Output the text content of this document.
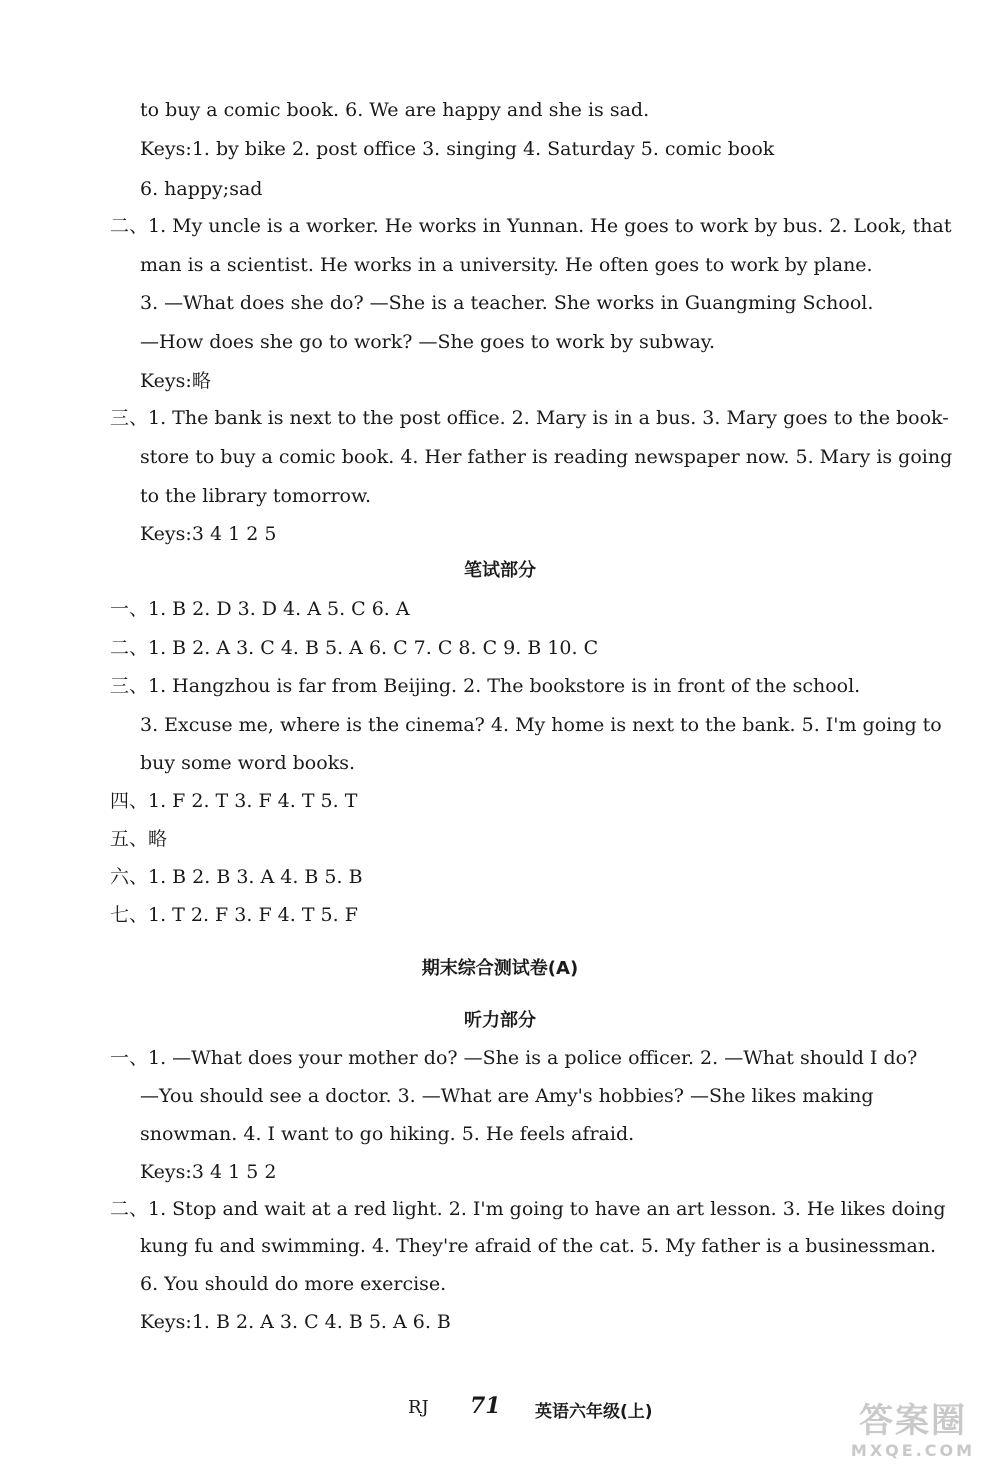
to buy a comic book. 6. We are happy and she is sad.
Keys:1. by bike 2. post office 3. singing 4. Saturday 5. comic book
6. happy;sad
二、1. My uncle is a worker. He works in Yunnan. He goes to work by bus. 2. Look, that
man is a scientist. He works in a university. He often goes to work by plane.
3. —What does she do? —She is a teacher. She works in Guangming School.
—How does she go to work? —She goes to work by subway.
Keys:略
三、1. The bank is next to the post office. 2. Mary is in a bus. 3. Mary goes to the book-
store to buy a comic book. 4. Her father is reading newspaper now. 5. Mary is going
to the library tomorrow.
Keys:3 4 1 2 5
笔试部分
一、1. B 2. D 3. D 4. A 5. C 6. A
二、1. B 2. A 3. C 4. B 5. A 6. C 7. C 8. C 9. B 10. C
三、1. Hangzhou is far from Beijing. 2. The bookstore is in front of the school.
3. Excuse me, where is the cinema? 4. My home is next to the bank. 5. I'm going to
buy some word books.
四、1. F 2. T 3. F 4. T 5. T
五、略
六、1. B 2. B 3. A 4. B 5. B
七、1. T 2. F 3. F 4. T 5. F
期末综合测试卷(A)
听力部分
一、1. —What does your mother do? —She is a police officer. 2. —What should I do?
—You should see a doctor. 3. —What are Amy's hobbies? —She likes making
snowman. 4. I want to go hiking. 5. He feels afraid.
Keys:3 4 1 5 2
二、1. Stop and wait at a red light. 2. I'm going to have an art lesson. 3. He likes doing
kung fu and swimming. 4. They're afraid of the cat. 5. My father is a businessman.
6. You should do more exercise.
Keys:1. B 2. A 3. C 4. B 5. A 6. B
RJ 71 英语六年级(上)	答案圈
MXQE.COM
